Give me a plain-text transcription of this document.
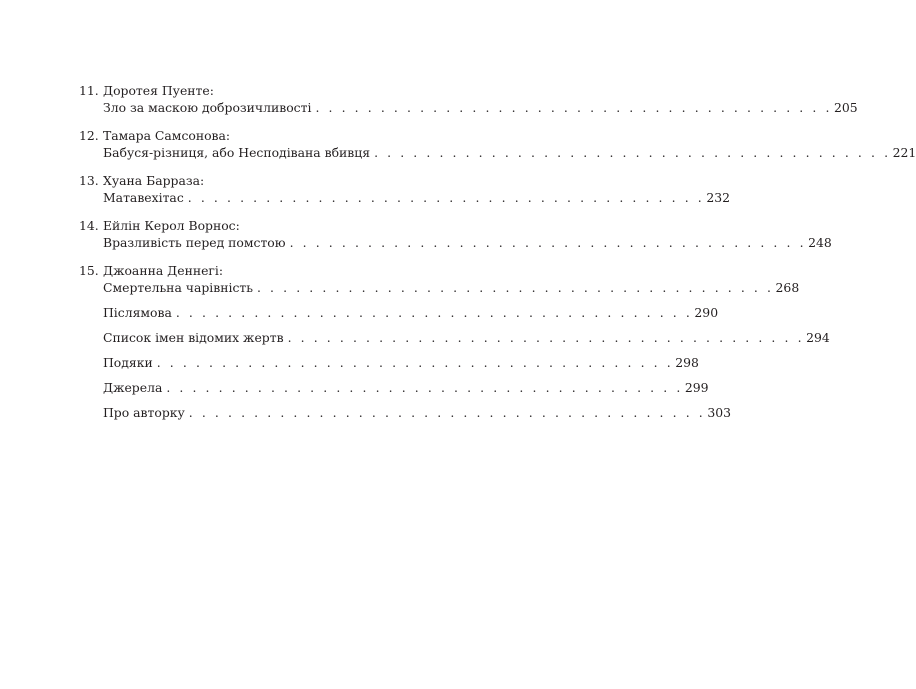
11. Доротея Пуенте:
Зло за маскою доброзичливості . . . . . . . . . . . . . . . . . . . . . . . . . . . . . . . . . . . . . . . . 205
12. Тамара Самсонова:
Бабуся-різниця, або Несподівана вбивця . . . . . . . . . . . . . . . . . . . . . . . . . . . . . . . . . . . . . . . . 221
13. Хуана Барраза:
Матавехітас . . . . . . . . . . . . . . . . . . . . . . . . . . . . . . . . . . . . . . . . 232
14. Ейлін Керол Ворнос:
Вразливість перед помстою . . . . . . . . . . . . . . . . . . . . . . . . . . . . . . . . . . . . . . . . 248
15. Джоанна Деннегі:
Смертельна чарівність . . . . . . . . . . . . . . . . . . . . . . . . . . . . . . . . . . . . . . . . 268
Післямова . . . . . . . . . . . . . . . . . . . . . . . . . . . . . . . . . . . . . . . . 290
Список імен відомих жертв . . . . . . . . . . . . . . . . . . . . . . . . . . . . . . . . . . . . . . . . 294
Подяки . . . . . . . . . . . . . . . . . . . . . . . . . . . . . . . . . . . . . . . . 298
Джерела . . . . . . . . . . . . . . . . . . . . . . . . . . . . . . . . . . . . . . . . 299
Про авторку . . . . . . . . . . . . . . . . . . . . . . . . . . . . . . . . . . . . . . . . 303
